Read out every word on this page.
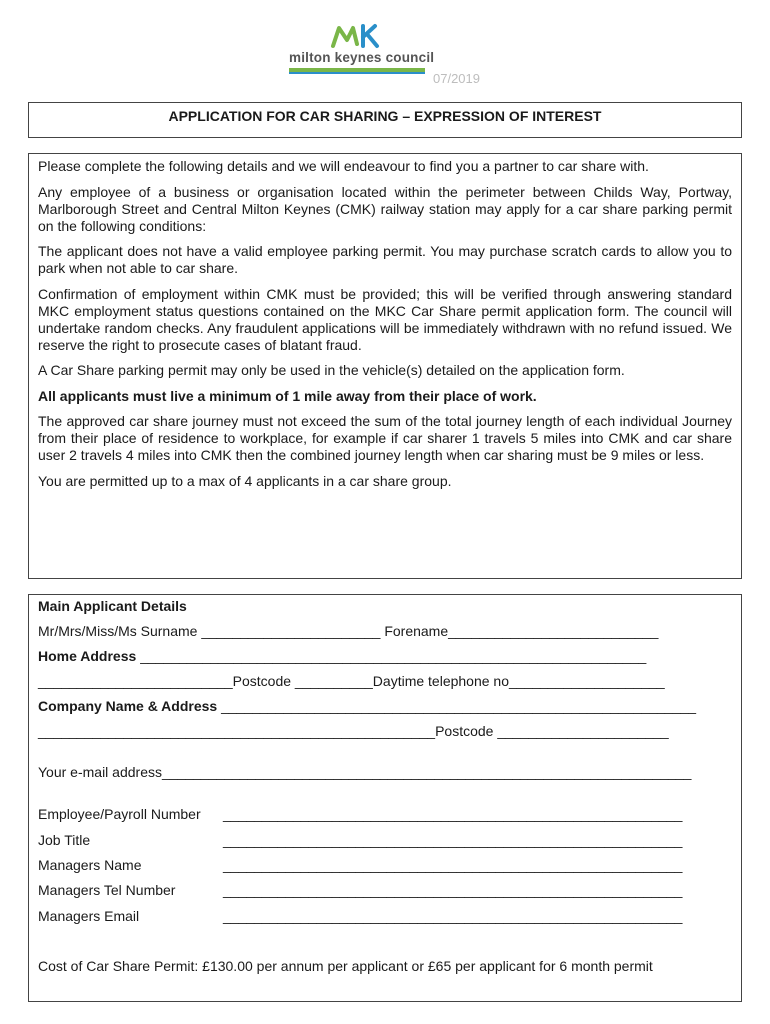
milton keynes council
07/2019
APPLICATION FOR CAR SHARING – EXPRESSION OF INTEREST

Please complete the following details and we will endeavour to find you a partner to car share with.

Any employee of a business or organisation located within the perimeter between Childs Way, Portway, Marlborough Street and Central Milton Keynes (CMK) railway station may apply for a car share parking permit on the following conditions:

The applicant does not have a valid employee parking permit. You may purchase scratch cards to allow you to park when not able to car share.

Confirmation of employment within CMK must be provided; this will be verified through answering standard MKC employment status questions contained on the MKC Car Share permit application form. The council will undertake random checks. Any fraudulent applications will be immediately withdrawn with no refund issued. We reserve the right to prosecute cases of blatant fraud.

A Car Share parking permit may only be used in the vehicle(s) detailed on the application form.

All applicants must live a minimum of 1 mile away from their place of work.

The approved car share journey must not exceed the sum of the total journey length of each individual Journey from their place of residence to workplace, for example if car sharer 1 travels 5 miles into CMK and car share user 2 travels 4 miles into CMK then the combined journey length when car sharing must be 9 miles or less.

You are permitted up to a max of 4 applicants in a car share group.

Main Applicant Details
Mr/Mrs/Miss/Ms Surname _______________________ Forename___________________________
Home Address _________________________________________________________________
_________________________Postcode __________Daytime telephone no____________________
Company Name & Address _____________________________________________________________
___________________________________________________Postcode ______________________
Your e-mail address____________________________________________________________________
Employee/Payroll Number ___________________________________________________________
Job Title	___________________________________________________________
Managers Name	___________________________________________________________
Managers Tel Number	___________________________________________________________
Managers Email	___________________________________________________________
Cost of Car Share Permit: £130.00 per annum per applicant or £65 per applicant for 6 month permit
